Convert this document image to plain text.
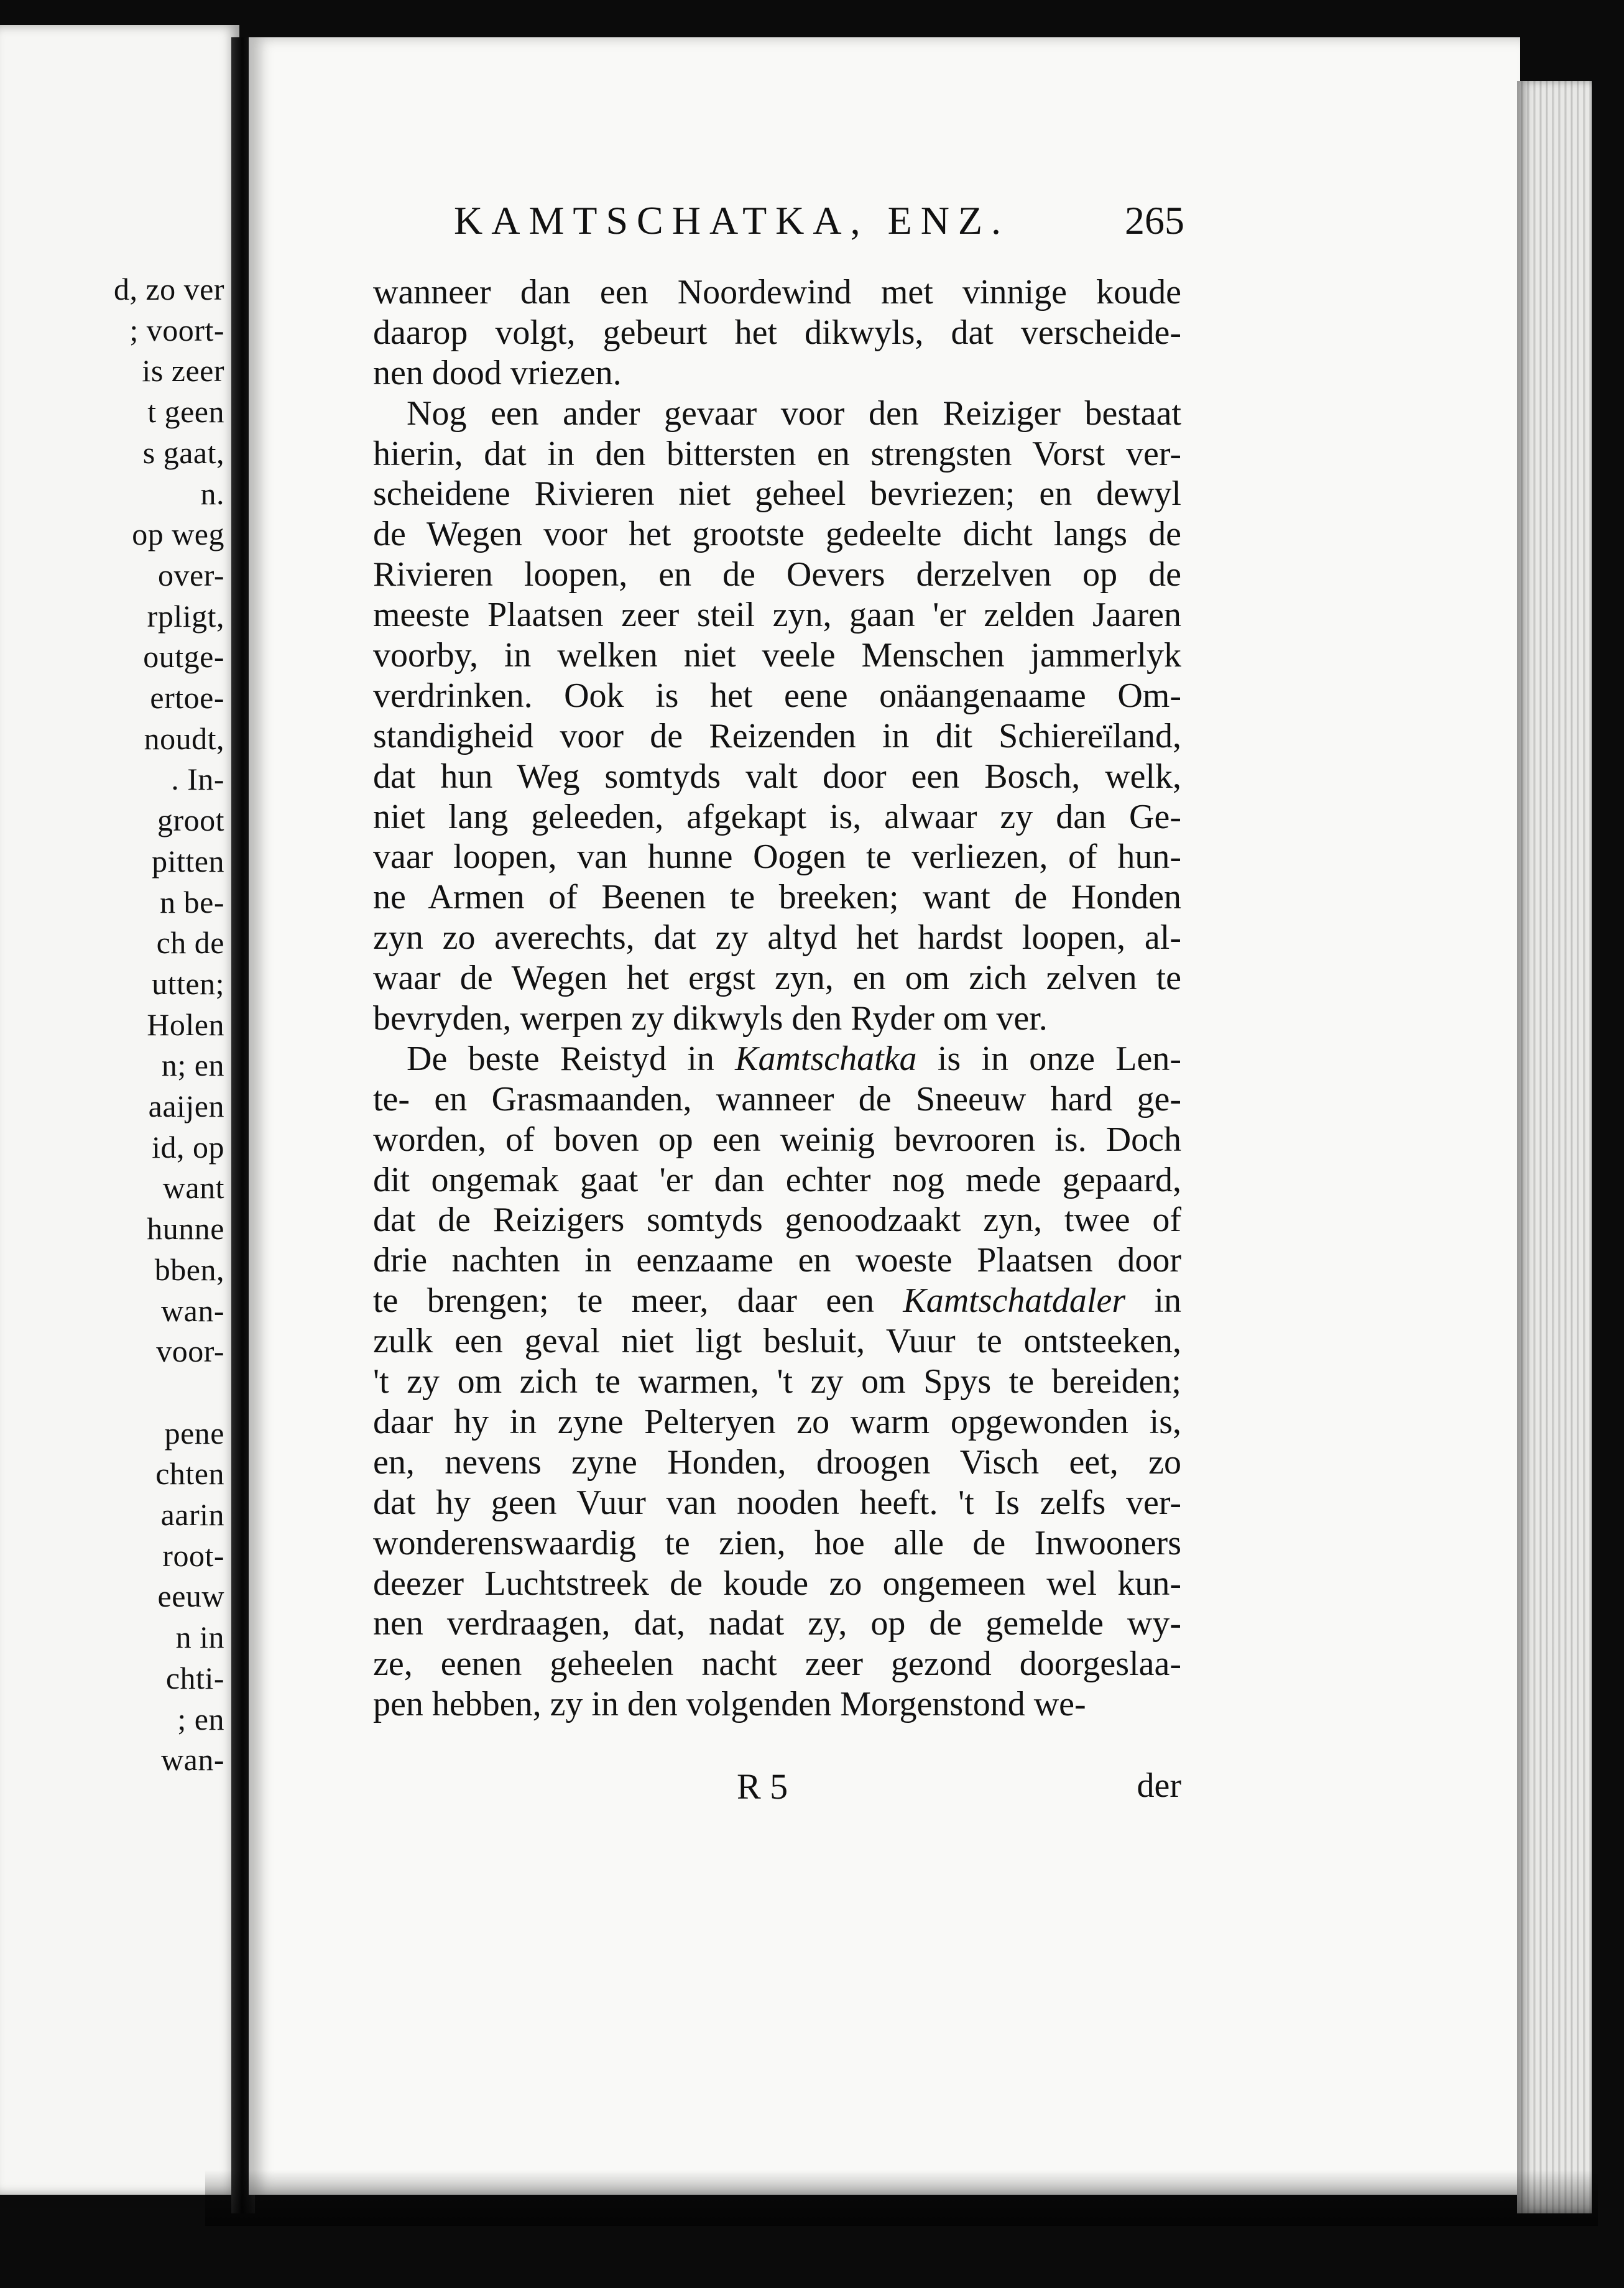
d, zo ver
; voort-
is zeer
t geen
s gaat,
n.
op weg
over-
rpligt,
outge-
ertoe-
noudt,
. In-
groot
pitten
n be-
ch de
utten;
Holen
n; en
aaijen
id, op
want
hunne
bben,
wan-
voor-
pene
chten
aarin
root-
eeuw
n in
chti-
; en
wan-
KAMTSCHATKA, ENZ.	265
wanneer dan een Noordewind met vinnige koude
daarop volgt, gebeurt het dikwyls, dat verscheide-
nen dood vriezen.
Nog een ander gevaar voor den Reiziger bestaat
hierin, dat in den bittersten en strengsten Vorst ver-
scheidene Rivieren niet geheel bevriezen; en dewyl
de Wegen voor het grootste gedeelte dicht langs de
Rivieren loopen, en de Oevers derzelven op de
meeste Plaatsen zeer steil zyn, gaan 'er zelden Jaaren
voorby, in welken niet veele Menschen jammerlyk
verdrinken. Ook is het eene onäangenaame Om-
standigheid voor de Reizenden in dit Schiereïland,
dat hun Weg somtyds valt door een Bosch, welk,
niet lang geleeden, afgekapt is, alwaar zy dan Ge-
vaar loopen, van hunne Oogen te verliezen, of hun-
ne Armen of Beenen te breeken; want de Honden
zyn zo averechts, dat zy altyd het hardst loopen, al-
waar de Wegen het ergst zyn, en om zich zelven te
bevryden, werpen zy dikwyls den Ryder om ver.
De beste Reistyd in Kamtschatka is in onze Len-
te- en Grasmaanden, wanneer de Sneeuw hard ge-
worden, of boven op een weinig bevrooren is. Doch
dit ongemak gaat 'er dan echter nog mede gepaard,
dat de Reizigers somtyds genoodzaakt zyn, twee of
drie nachten in eenzaame en woeste Plaatsen door
te brengen; te meer, daar een Kamtschatdaler in
zulk een geval niet ligt besluit, Vuur te ontsteeken,
't zy om zich te warmen, 't zy om Spys te bereiden;
daar hy in zyne Pelteryen zo warm opgewonden is,
en, nevens zyne Honden, droogen Visch eet, zo
dat hy geen Vuur van nooden heeft. 't Is zelfs ver-
wonderenswaardig te zien, hoe alle de Inwooners
deezer Luchtstreek de koude zo ongemeen wel kun-
nen verdraagen, dat, nadat zy, op de gemelde wy-
ze, eenen geheelen nacht zeer gezond doorgeslaa-
pen hebben, zy in den volgenden Morgenstond we-
R 5	der
